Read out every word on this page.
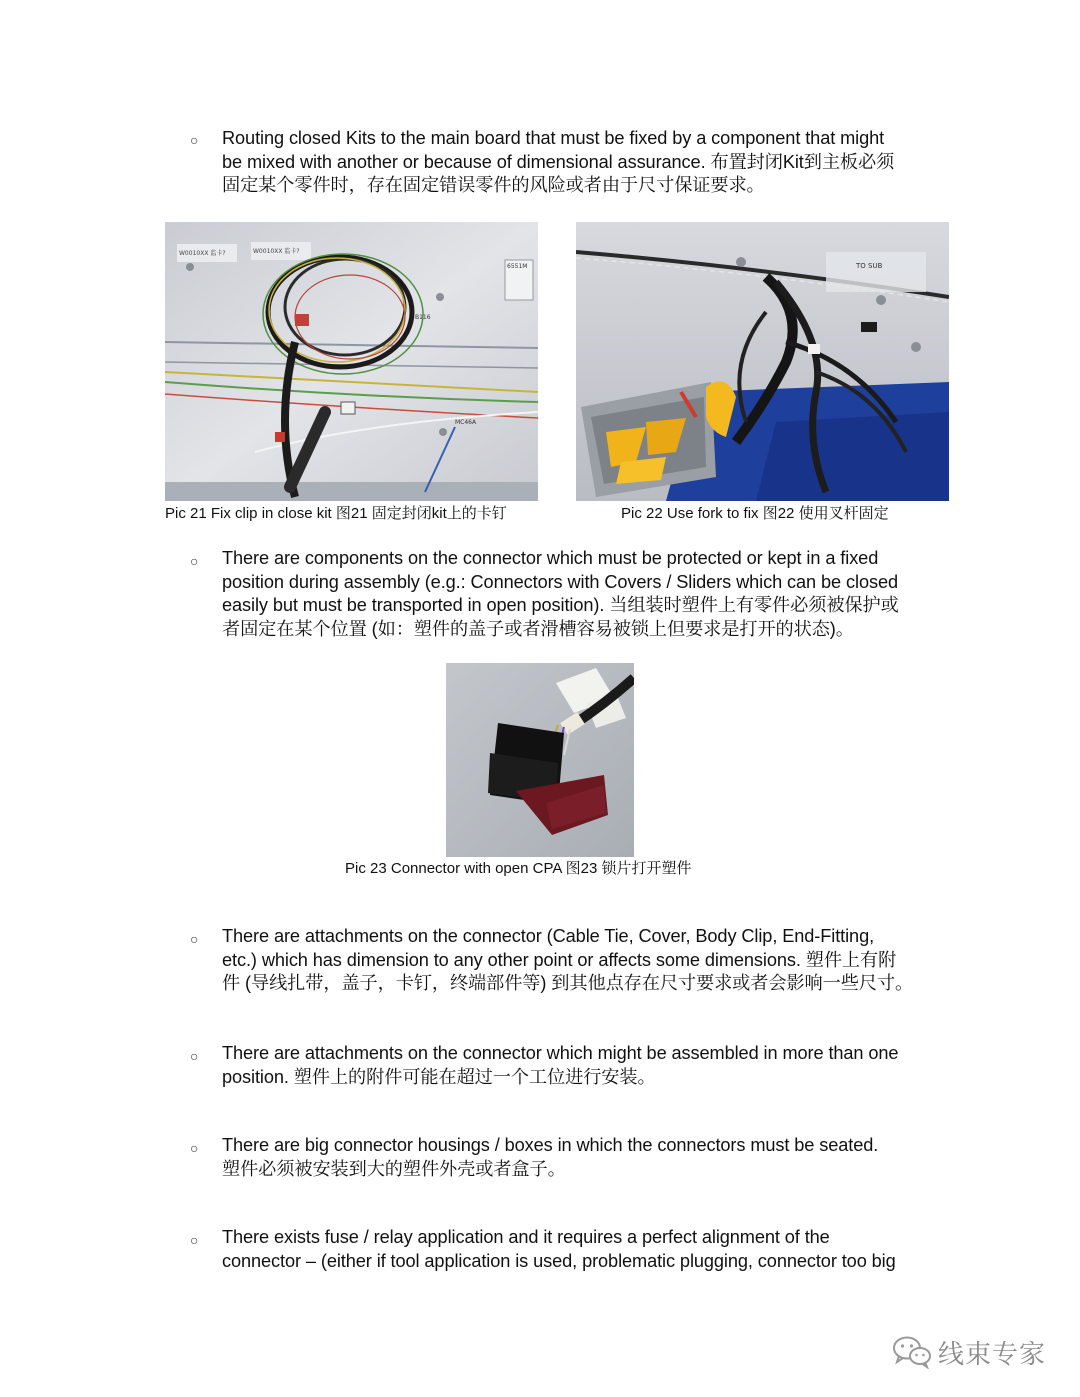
○ Routing closed Kits to the main board that must be fixed by a component that might
be mixed with another or because of dimensional assurance. 布置封闭Kit到主板必须
固定某个零件时，存在固定错误零件的风险或者由于尺寸保证要求。
W0010XX 监卡?	W0010XX 监卡?
6551M
B116
MC46A
TO SUB
Pic 21 Fix clip in close kit 图21 固定封闭kit上的卡钉	Pic 22 Use fork to fix 图22 使用叉杆固定
○ There are components on the connector which must be protected or kept in a fixed
position during assembly (e.g.: Connectors with Covers / Sliders which can be closed
easily but must be transported in open position). 当组装时塑件上有零件必须被保护或
者固定在某个位置 (如：塑件的盖子或者滑槽容易被锁上但要求是打开的状态)。
Pic 23 Connector with open CPA 图23 锁片打开塑件
○ There are attachments on the connector (Cable Tie, Cover, Body Clip, End-Fitting,
etc.) which has dimension to any other point or affects some dimensions. 塑件上有附
件 (导线扎带，盖子，卡钉，终端部件等) 到其他点存在尺寸要求或者会影响一些尺寸。
○ There are attachments on the connector which might be assembled in more than one
position. 塑件上的附件可能在超过一个工位进行安装。
○ There are big connector housings / boxes in which the connectors must be seated.
塑件必须被安装到大的塑件外壳或者盒子。
○ There exists fuse / relay application and it requires a perfect alignment of the
connector – (either if tool application is used, problematic plugging, connector too big
线束专家
